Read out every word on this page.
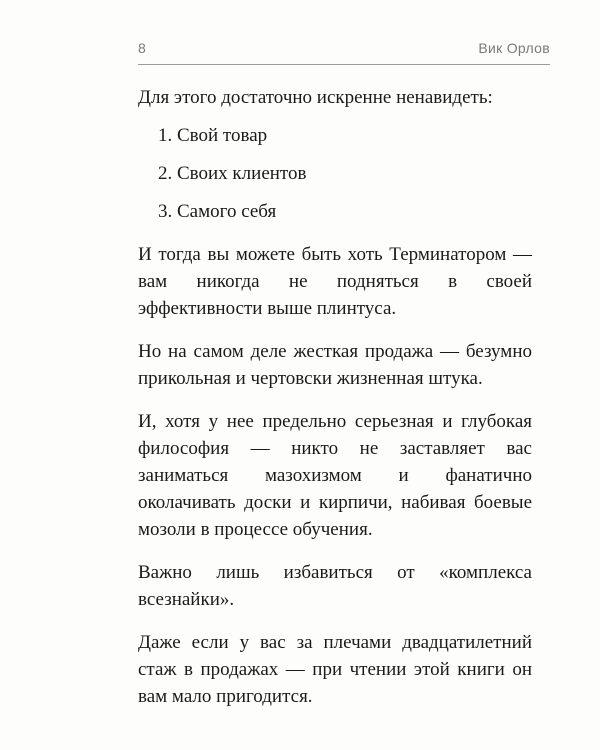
8	Вик Орлов

Для этого достаточно искренне ненавидеть:

1. Свой товар
2. Своих клиентов
3. Самого себя

И тогда вы можете быть хоть Терминатором — вам никогда не подняться в своей эффективности выше плинтуса.

Но на самом деле жесткая продажа — безумно прикольная и чертовски жизненная штука.

И, хотя у нее предельно серьезная и глубокая философия — никто не заставляет вас заниматься мазохизмом и фанатично околачивать доски и кирпичи, набивая боевые мозоли в процессе обучения.

Важно лишь избавиться от «комплекса всезнайки».

Даже если у вас за плечами двадцатилетний стаж в продажах — при чтении этой книги он вам мало пригодится.
